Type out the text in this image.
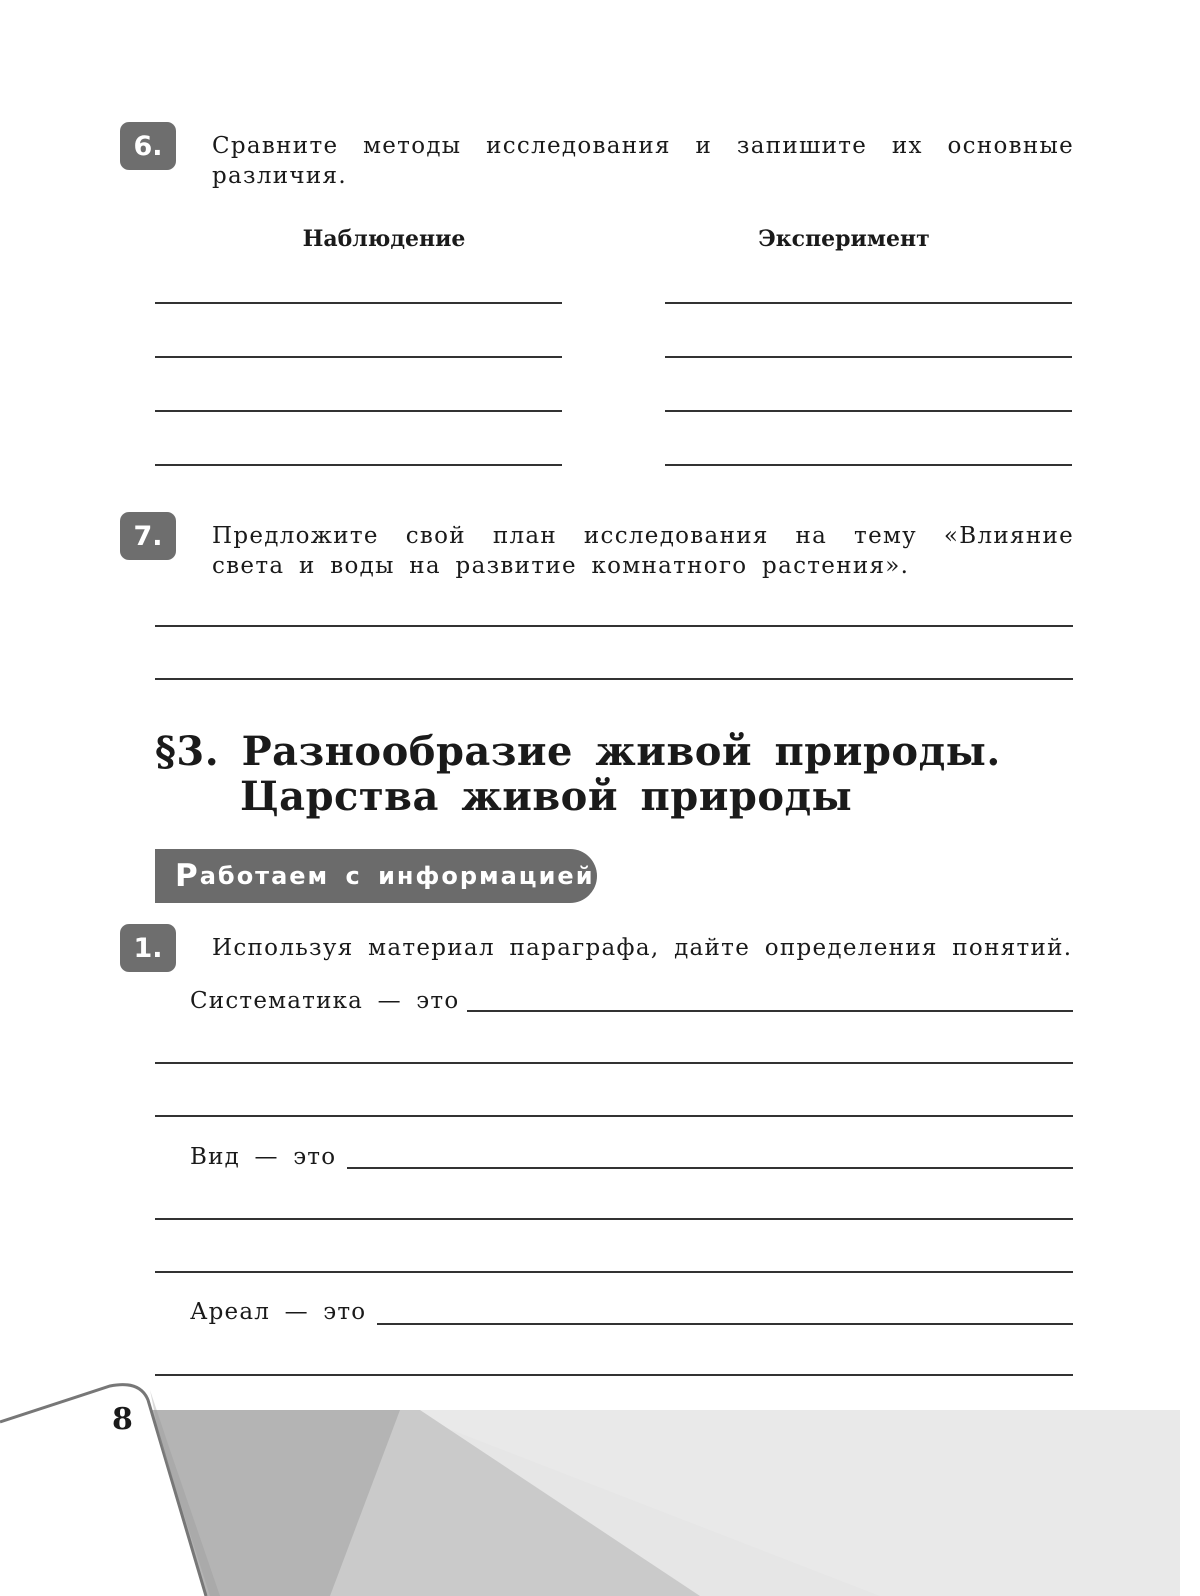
6.	Сравните методы исследования и запишите их основные различия.
Наблюдение	Эксперимент
7.	Предложите свой план исследования на тему «Влияние света и воды на развитие комнатного растения».
§3. Разнообразие живой природы.
Царства живой природы
Р аботаем с информацией
1.	Используя материал параграфа, дайте определения понятий.
Систематика — это
Вид — это
Ареал — это
8
